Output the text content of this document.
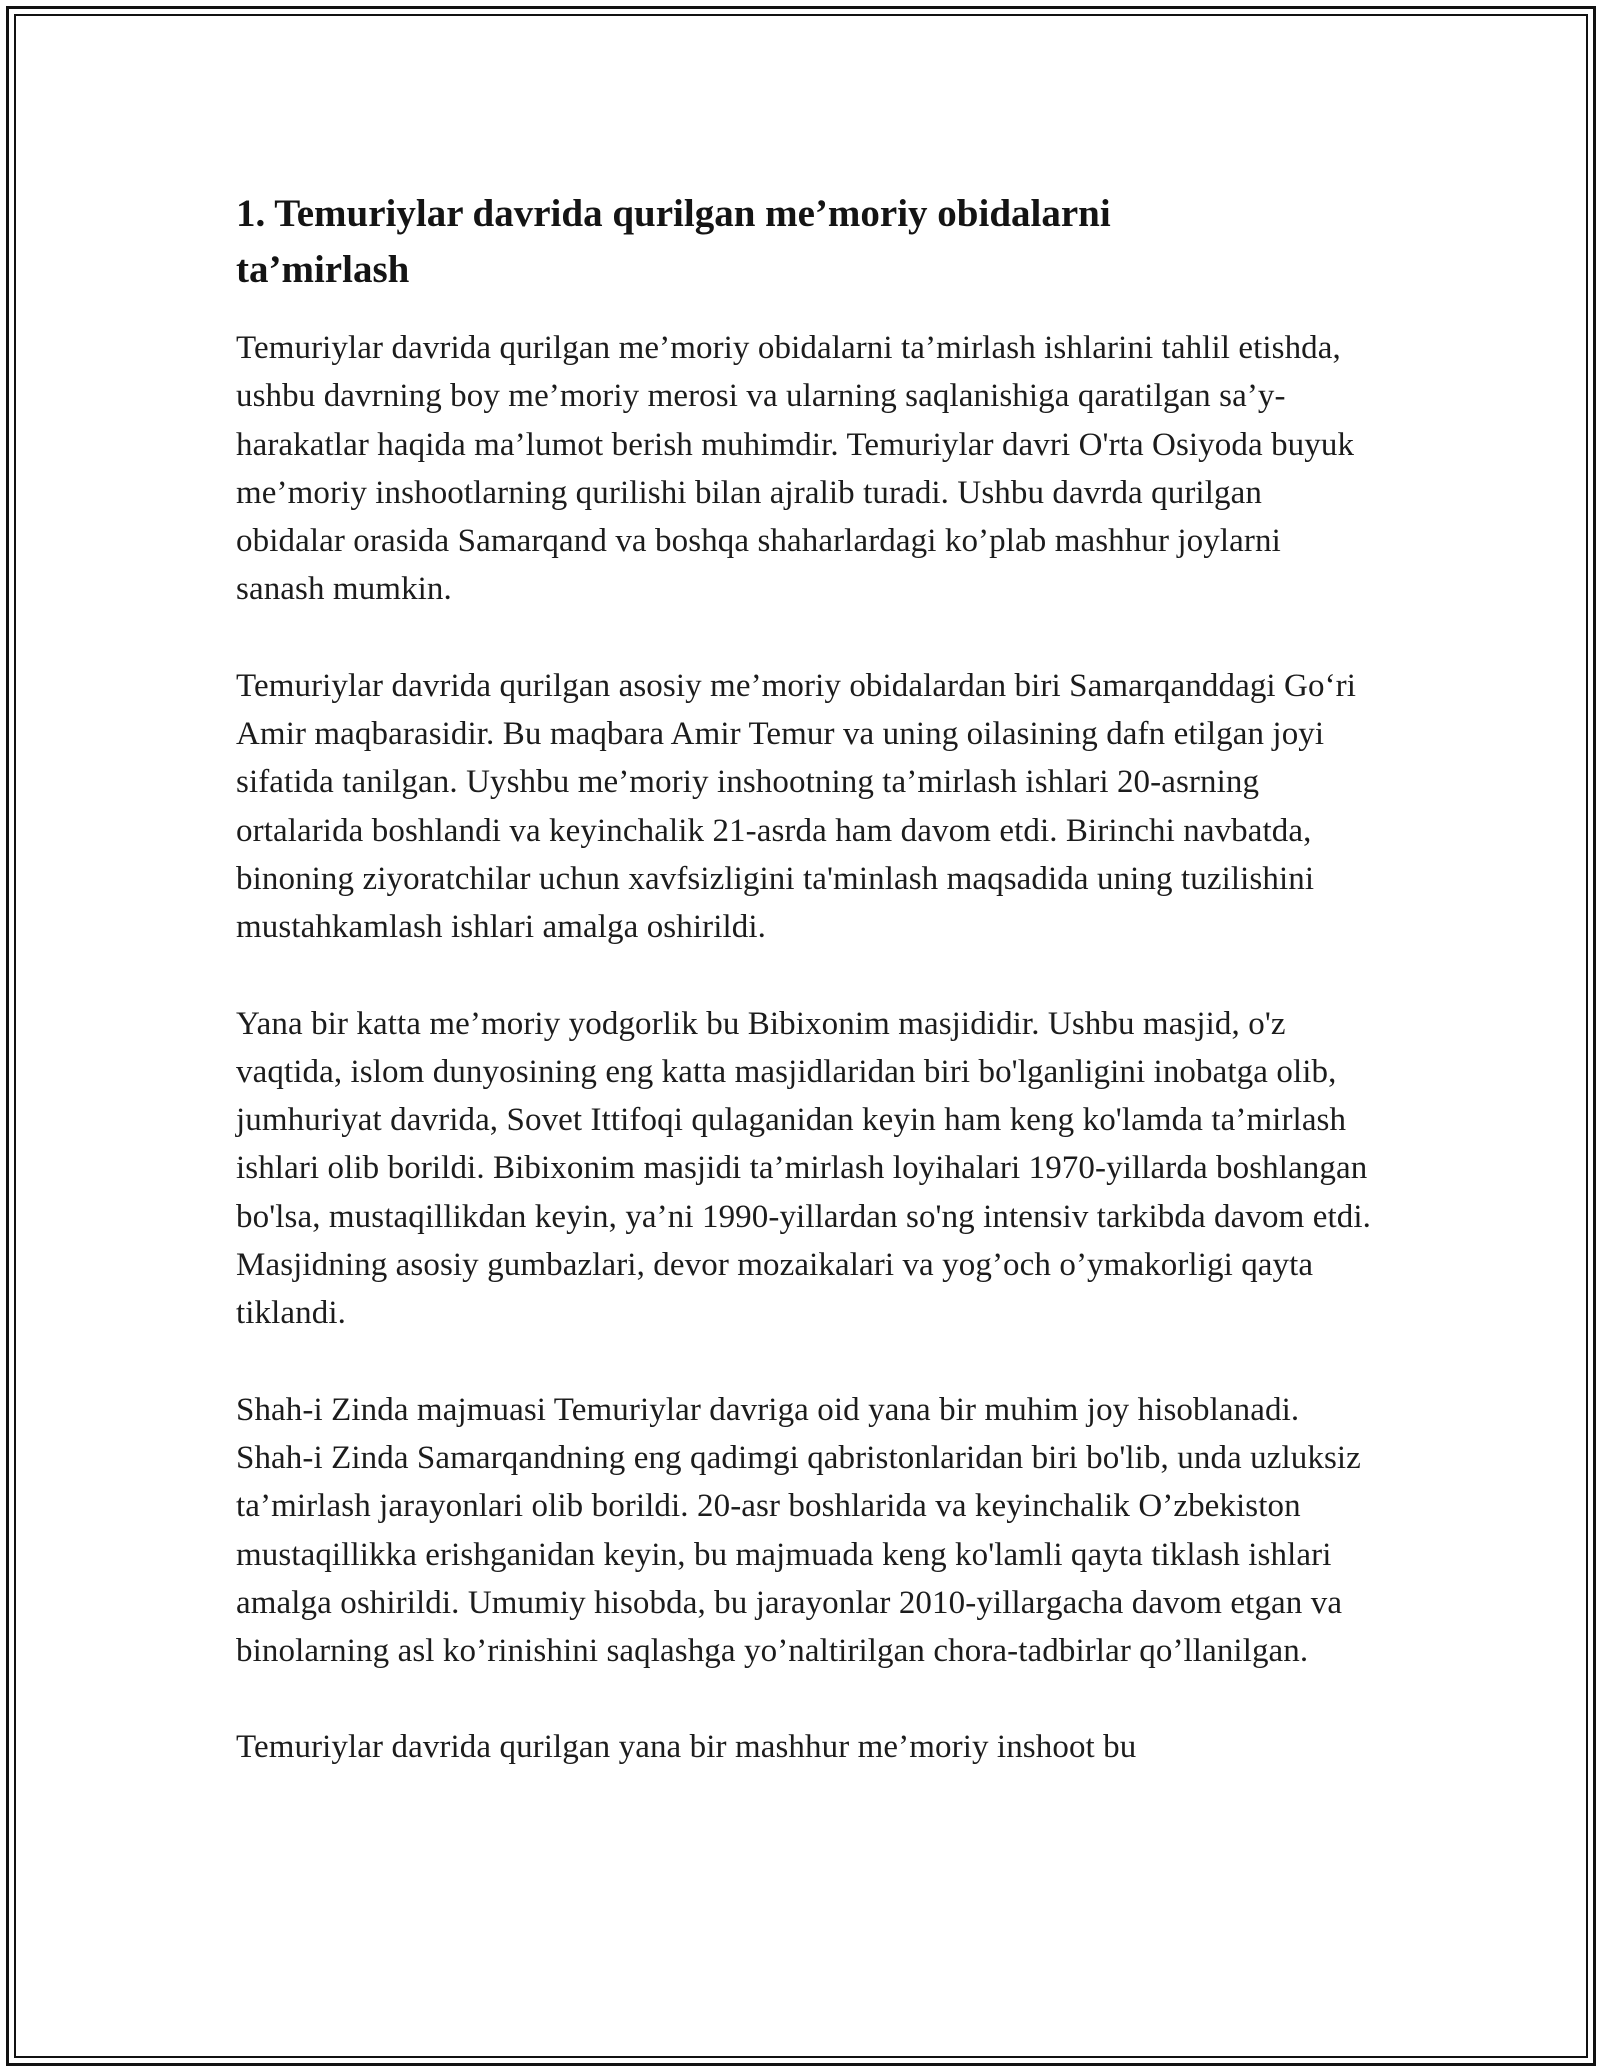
1. Temuriylar davrida qurilgan me’moriy obidalarni ta’mirlash

Temuriylar davrida qurilgan me’moriy obidalarni ta’mirlash ishlarini tahlil etishda, ushbu davrning boy me’moriy merosi va ularning saqlanishiga qaratilgan sa’y-harakatlar haqida ma’lumot berish muhimdir. Temuriylar davri O'rta Osiyoda buyuk me’moriy inshootlarning qurilishi bilan ajralib turadi. Ushbu davrda qurilgan obidalar orasida Samarqand va boshqa shaharlardagi ko’plab mashhur joylarni sanash mumkin.

Temuriylar davrida qurilgan asosiy me’moriy obidalardan biri Samarqanddagi Go‘ri Amir maqbarasidir. Bu maqbara Amir Temur va uning oilasining dafn etilgan joyi sifatida tanilgan. Uyshbu me’moriy inshootning ta’mirlash ishlari 20-asrning ortalarida boshlandi va keyinchalik 21-asrda ham davom etdi. Birinchi navbatda, binoning ziyoratchilar uchun xavfsizligini ta'minlash maqsadida uning tuzilishini mustahkamlash ishlari amalga oshirildi.

Yana bir katta me’moriy yodgorlik bu Bibixonim masjididir. Ushbu masjid, o'z vaqtida, islom dunyosining eng katta masjidlaridan biri bo'lganligini inobatga olib, jumhuriyat davrida, Sovet Ittifoqi qulaganidan keyin ham keng ko'lamda ta’mirlash ishlari olib borildi. Bibixonim masjidi ta’mirlash loyihalari 1970-yillarda boshlangan bo'lsa, mustaqillikdan keyin, ya’ni 1990-yillardan so'ng intensiv tarkibda davom etdi. Masjidning asosiy gumbazlari, devor mozaikalari va yog’och o’ymakorligi qayta tiklandi.

Shah-i Zinda majmuasi Temuriylar davriga oid yana bir muhim joy hisoblanadi. Shah-i Zinda Samarqandning eng qadimgi qabristonlaridan biri bo'lib, unda uzluksiz ta’mirlash jarayonlari olib borildi. 20-asr boshlarida va keyinchalik O’zbekiston mustaqillikka erishganidan keyin, bu majmuada keng ko'lamli qayta tiklash ishlari amalga oshirildi. Umumiy hisobda, bu jarayonlar 2010-yillargacha davom etgan va binolarning asl ko’rinishini saqlashga yo’naltirilgan chora-tadbirlar qo’llanilgan.

Temuriylar davrida qurilgan yana bir mashhur me’moriy inshoot bu
